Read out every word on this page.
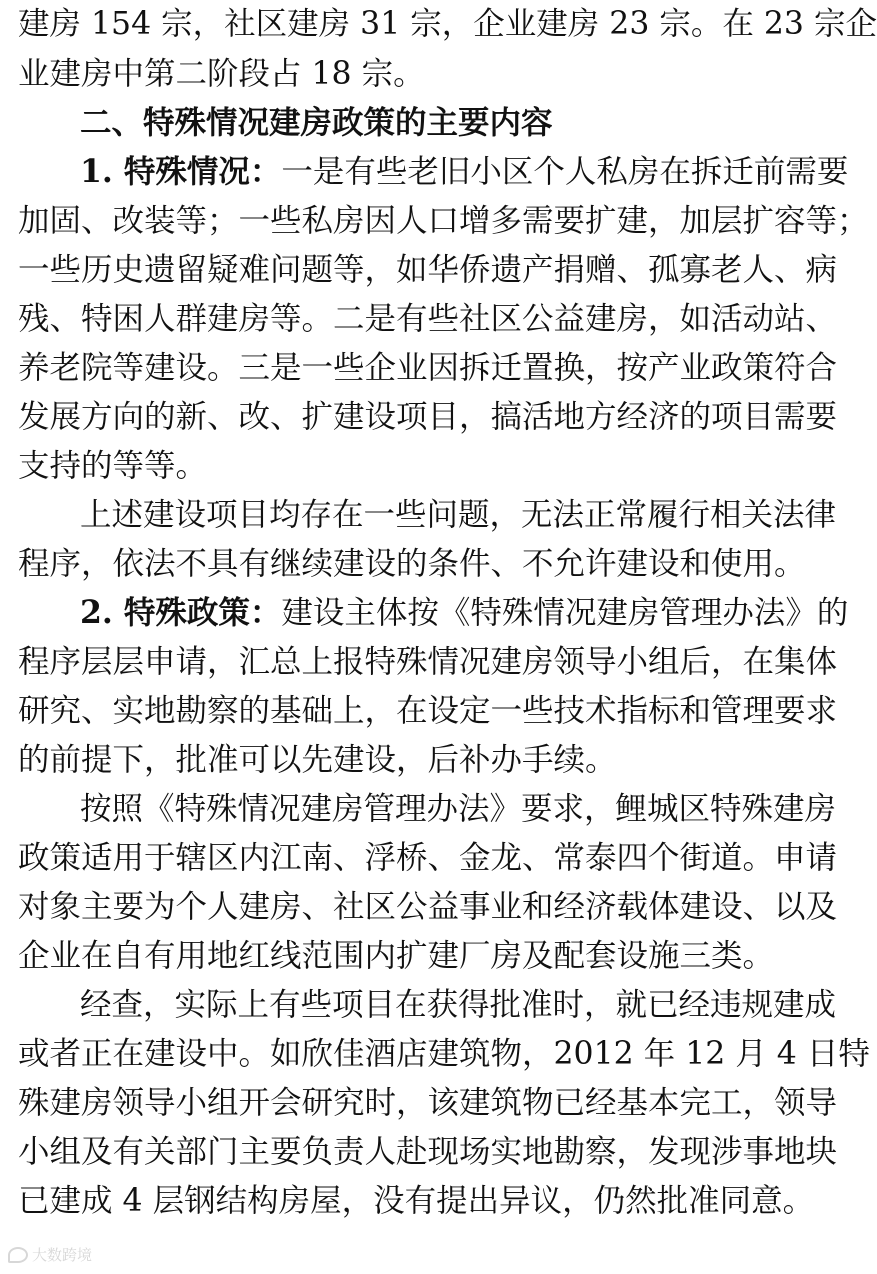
建房 154 宗，社区建房 31 宗，企业建房 23 宗。在 23 宗企
业建房中第二阶段占 18 宗。
二、特殊情况建房政策的主要内容
1. 特殊情况：一是有些老旧小区个人私房在拆迁前需要
加固、改装等；一些私房因人口增多需要扩建，加层扩容等；
一些历史遗留疑难问题等，如华侨遗产捐赠、孤寡老人、病
残、特困人群建房等。二是有些社区公益建房，如活动站、
养老院等建设。三是一些企业因拆迁置换，按产业政策符合
发展方向的新、改、扩建设项目，搞活地方经济的项目需要
支持的等等。
上述建设项目均存在一些问题，无法正常履行相关法律
程序，依法不具有继续建设的条件、不允许建设和使用。
2. 特殊政策：建设主体按《特殊情况建房管理办法》的
程序层层申请，汇总上报特殊情况建房领导小组后，在集体
研究、实地勘察的基础上，在设定一些技术指标和管理要求
的前提下，批准可以先建设，后补办手续。
按照《特殊情况建房管理办法》要求，鲤城区特殊建房
政策适用于辖区内江南、浮桥、金龙、常泰四个街道。申请
对象主要为个人建房、社区公益事业和经济载体建设、以及
企业在自有用地红线范围内扩建厂房及配套设施三类。
经查，实际上有些项目在获得批准时，就已经违规建成
或者正在建设中。如欣佳酒店建筑物，2012 年 12 月 4 日特
殊建房领导小组开会研究时，该建筑物已经基本完工，领导
小组及有关部门主要负责人赴现场实地勘察，发现涉事地块
已建成 4 层钢结构房屋，没有提出异议，仍然批准同意。
大数跨境
